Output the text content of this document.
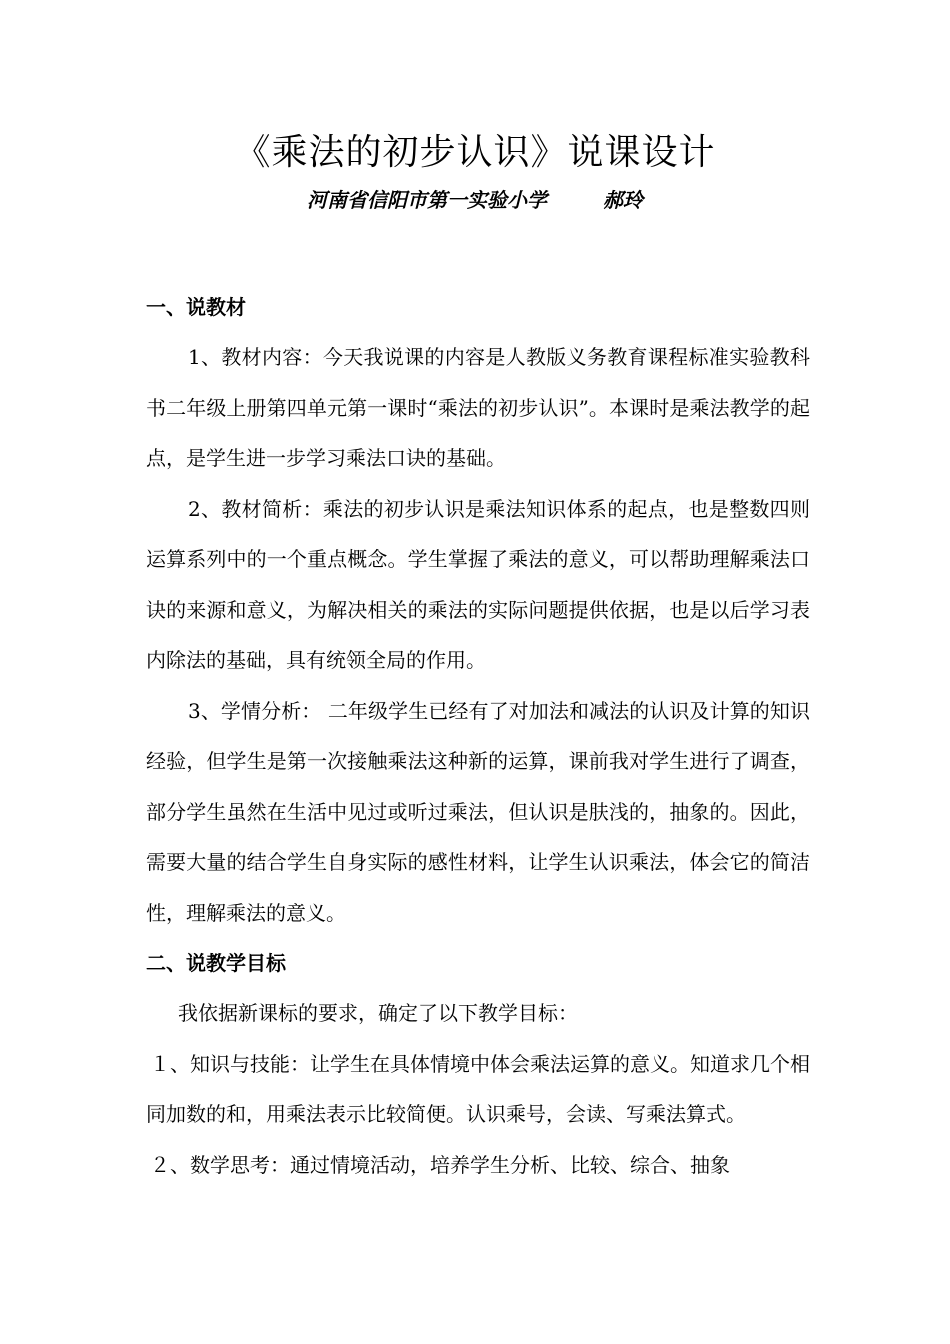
《乘法的初步认识》说课设计

河南省信阳市第一实验小学	郝玲

一、说教材

1、教材内容：今天我说课的内容是人教版义务教育课程标准实验教科书二年级上册第四单元第一课时“乘法的初步认识”。本课时是乘法教学的起点，是学生进一步学习乘法口诀的基础。

2、教材简析：乘法的初步认识是乘法知识体系的起点，也是整数四则运算系列中的一个重点概念。学生掌握了乘法的意义，可以帮助理解乘法口诀的来源和意义，为解决相关的乘法的实际问题提供依据，也是以后学习表内除法的基础，具有统领全局的作用。

3、学情分析： 二年级学生已经有了对加法和减法的认识及计算的知识经验，但学生是第一次接触乘法这种新的运算，课前我对学生进行了调查，部分学生虽然在生活中见过或听过乘法，但认识是肤浅的，抽象的。因此，需要大量的结合学生自身实际的感性材料，让学生认识乘法，体会它的简洁性，理解乘法的意义。

二、说教学目标

我依据新课标的要求，确定了以下教学目标：

１、知识与技能：让学生在具体情境中体会乘法运算的意义。知道求几个相同加数的和，用乘法表示比较简便。认识乘号，会读、写乘法算式。

２、数学思考：通过情境活动，培养学生分析、比较、综合、抽象
